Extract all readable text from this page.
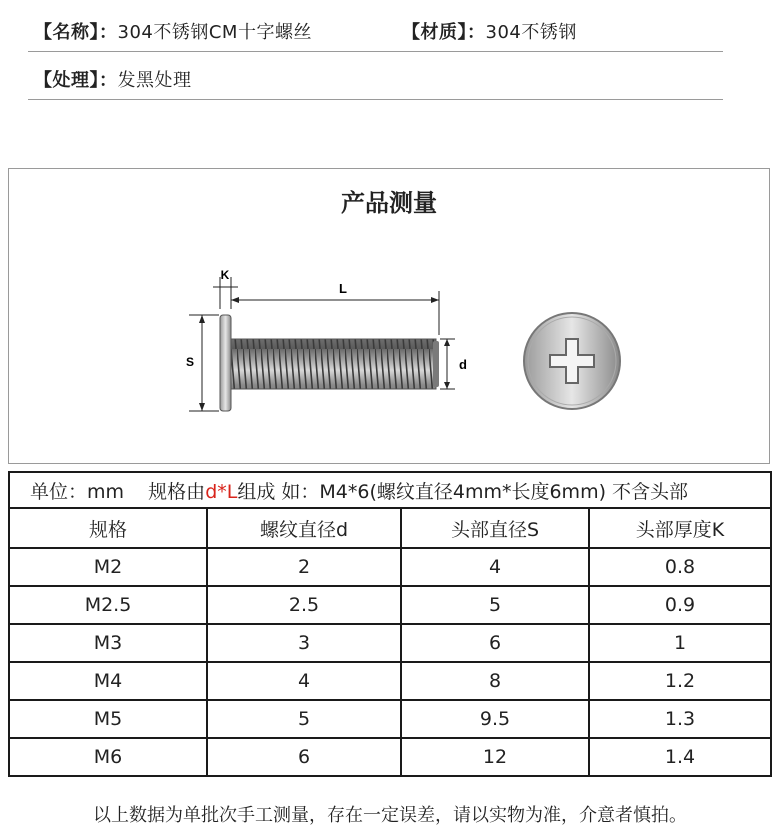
【名称】：304不锈钢CM十字螺丝	【材质】：304不锈钢
【处理】：发黑处理
产品测量
K
L
S	d
单位：mm    规格由d*L组成 如：M4*6(螺纹直径4mm*长度6mm) 不含头部			
规格	螺纹直径d	头部直径S	头部厚度K
M2	2	4	0.8
M2.5	2.5	5	0.9
M3	3	6	1
M4	4	8	1.2
M5	5	9.5	1.3
M6	6	12	1.4
以上数据为单批次手工测量，存在一定误差，请以实物为准，介意者慎拍。
